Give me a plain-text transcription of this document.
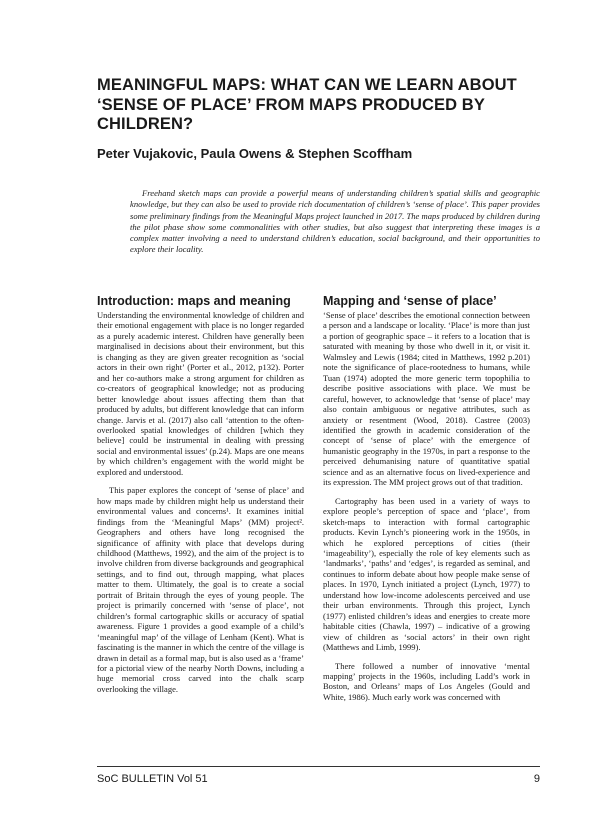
MEANINGFUL MAPS: WHAT CAN WE LEARN ABOUT ‘SENSE OF PLACE’ FROM MAPS PRODUCED BY CHILDREN?
Peter Vujakovic, Paula Owens & Stephen Scoffham

Freehand sketch maps can provide a powerful means of understanding children’s spatial skills and geographic knowledge, but they can also be used to provide rich documentation of children’s ‘sense of place’. This paper provides some preliminary findings from the Meaningful Maps project launched in 2017. The maps produced by children during the pilot phase show some commonalities with other studies, but also suggest that interpreting these images is a complex matter involving a need to understand children’s education, social background, and their opportunities to explore their locality.

Introduction: maps and meaning

Understanding the environmental knowledge of children and their emotional engagement with place is no longer regarded as a purely academic interest. Children have generally been marginalised in decisions about their environment, but this is changing as they are given greater recognition as ‘social actors in their own right’ (Porter et al., 2012, p132). Porter and her co-authors make a strong argument for children as co-creators of geographical knowledge; not as producing better knowledge about issues affecting them than that produced by adults, but different knowledge that can inform change. Jarvis et al. (2017) also call ‘attention to the often-overlooked spatial knowledges of children [which they believe] could be instrumental in dealing with pressing social and environmental issues’ (p.24). Maps are one means by which children’s engagement with the world might be explored and understood.

This paper explores the concept of ‘sense of place’ and how maps made by children might help us understand their environmental values and concerns¹. It examines initial findings from the ‘Meaningful Maps’ (MM) project². Geographers and others have long recognised the significance of affinity with place that develops during childhood (Matthews, 1992), and the aim of the project is to involve children from diverse backgrounds and geographical settings, and to find out, through mapping, what places matter to them. Ultimately, the goal is to create a social portrait of Britain through the eyes of young people. The project is primarily concerned with ‘sense of place’, not children’s formal cartographic skills or accuracy of spatial awareness. Figure 1 provides a good example of a child’s ‘meaningful map’ of the village of Lenham (Kent). What is fascinating is the manner in which the centre of the village is drawn in detail as a formal map, but is also used as a ‘frame’ for a pictorial view of the nearby North Downs, including a huge memorial cross carved into the chalk scarp overlooking the village.

Mapping and ‘sense of place’

‘Sense of place’ describes the emotional connection between a person and a landscape or locality. ‘Place’ is more than just a portion of geographic space – it refers to a location that is saturated with meaning by those who dwell in it, or visit it. Walmsley and Lewis (1984; cited in Matthews, 1992 p.201) note the significance of place-rootedness to humans, while Tuan (1974) adopted the more generic term topophilia to describe positive associations with place. We must be careful, however, to acknowledge that ‘sense of place’ may also contain ambiguous or negative attributes, such as anxiety or resentment (Wood, 2018). Castree (2003) identified the growth in academic consideration of the concept of ‘sense of place’ with the emergence of humanistic geography in the 1970s, in part a response to the perceived dehumanising nature of quantitative spatial science and as an alternative focus on lived-experience and its expression. The MM project grows out of that tradition.

Cartography has been used in a variety of ways to explore people’s perception of space and ‘place’, from sketch-maps to interaction with formal cartographic products. Kevin Lynch’s pioneering work in the 1950s, in which he explored perceptions of cities (their ‘imageability’), especially the role of key elements such as ‘landmarks’, ‘paths’ and ‘edges’, is regarded as seminal, and continues to inform debate about how people make sense of places. In 1970, Lynch initiated a project (Lynch, 1977) to understand how low-income adolescents perceived and use their urban environments. Through this project, Lynch (1977) enlisted children’s ideas and energies to create more habitable cities (Chawla, 1997) – indicative of a growing view of children as ‘social actors’ in their own right (Matthews and Limb, 1999).

There followed a number of innovative ‘mental mapping’ projects in the 1960s, including Ladd’s work in Boston, and Orleans’ maps of Los Angeles (Gould and White, 1986). Much early work was concerned with

SoC BULLETIN Vol 51	9
